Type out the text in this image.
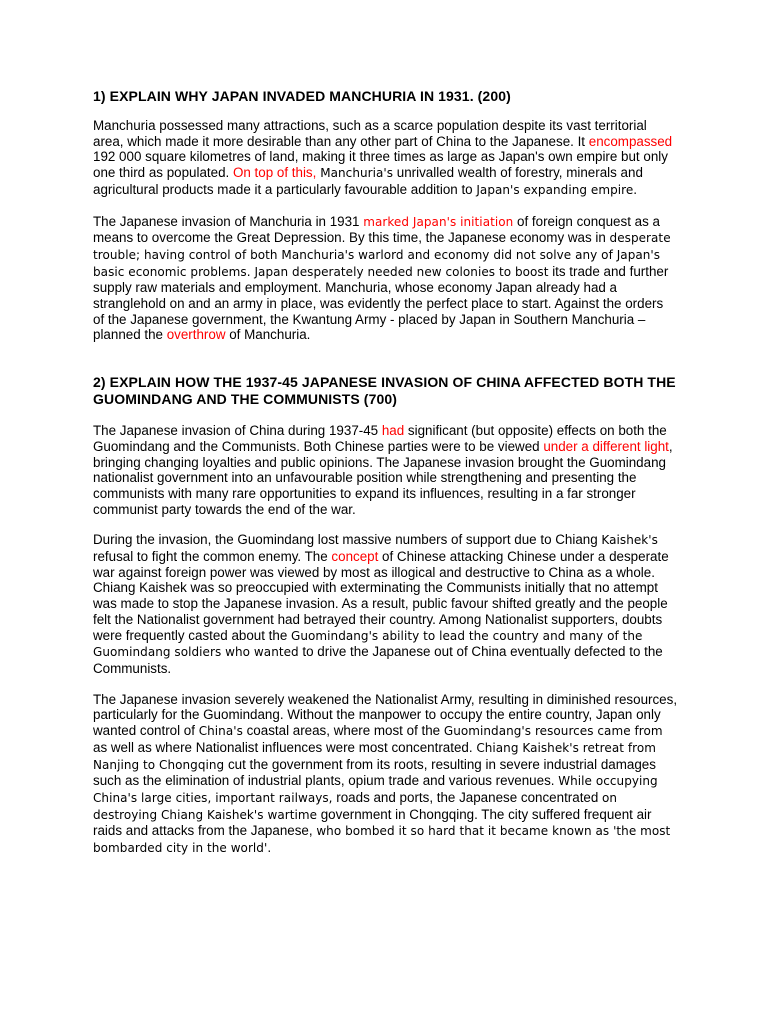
1) EXPLAIN WHY JAPAN INVADED MANCHURIA IN 1931. (200)

Manchuria possessed many attractions, such as a scarce population despite its vast territorial area, which made it more desirable than any other part of China to the Japanese. It encompassed 192 000 square kilometres of land, making it three times as large as Japan's own empire but only one third as populated. On top of this, Manchuria's unrivalled wealth of forestry, minerals and agricultural products made it a particularly favourable addition to Japan's expanding empire.

The Japanese invasion of Manchuria in 1931 marked Japan's initiation of foreign conquest as a means to overcome the Great Depression. By this time, the Japanese economy was in desperate trouble; having control of both Manchuria's warlord and economy did not solve any of Japan's basic economic problems. Japan desperately needed new colonies to boost its trade and further supply raw materials and employment. Manchuria, whose economy Japan already had a stranglehold on and an army in place, was evidently the perfect place to start. Against the orders of the Japanese government, the Kwantung Army - placed by Japan in Southern Manchuria – planned the overthrow of Manchuria.

2) EXPLAIN HOW THE 1937-45 JAPANESE INVASION OF CHINA AFFECTED BOTH THE GUOMINDANG AND THE COMMUNISTS (700)

The Japanese invasion of China during 1937-45 had significant (but opposite) effects on both the Guomindang and the Communists. Both Chinese parties were to be viewed under a different light, bringing changing loyalties and public opinions. The Japanese invasion brought the Guomindang nationalist government into an unfavourable position while strengthening and presenting the communists with many rare opportunities to expand its influences, resulting in a far stronger communist party towards the end of the war.

During the invasion, the Guomindang lost massive numbers of support due to Chiang Kaishek's refusal to fight the common enemy. The concept of Chinese attacking Chinese under a desperate war against foreign power was viewed by most as illogical and destructive to China as a whole. Chiang Kaishek was so preoccupied with exterminating the Communists initially that no attempt was made to stop the Japanese invasion. As a result, public favour shifted greatly and the people felt the Nationalist government had betrayed their country. Among Nationalist supporters, doubts were frequently casted about the Guomindang's ability to lead the country and many of the Guomindang soldiers who wanted to drive the Japanese out of China eventually defected to the Communists.

The Japanese invasion severely weakened the Nationalist Army, resulting in diminished resources, particularly for the Guomindang. Without the manpower to occupy the entire country, Japan only wanted control of China's coastal areas, where most of the Guomindang's resources came from as well as where Nationalist influences were most concentrated. Chiang Kaishek's retreat from Nanjing to Chongqing cut the government from its roots, resulting in severe industrial damages such as the elimination of industrial plants, opium trade and various revenues. While occupying China's large cities, important railways, roads and ports, the Japanese concentrated on destroying Chiang Kaishek's wartime government in Chongqing. The city suffered frequent air raids and attacks from the Japanese, who bombed it so hard that it became known as 'the most bombarded city in the world'.
